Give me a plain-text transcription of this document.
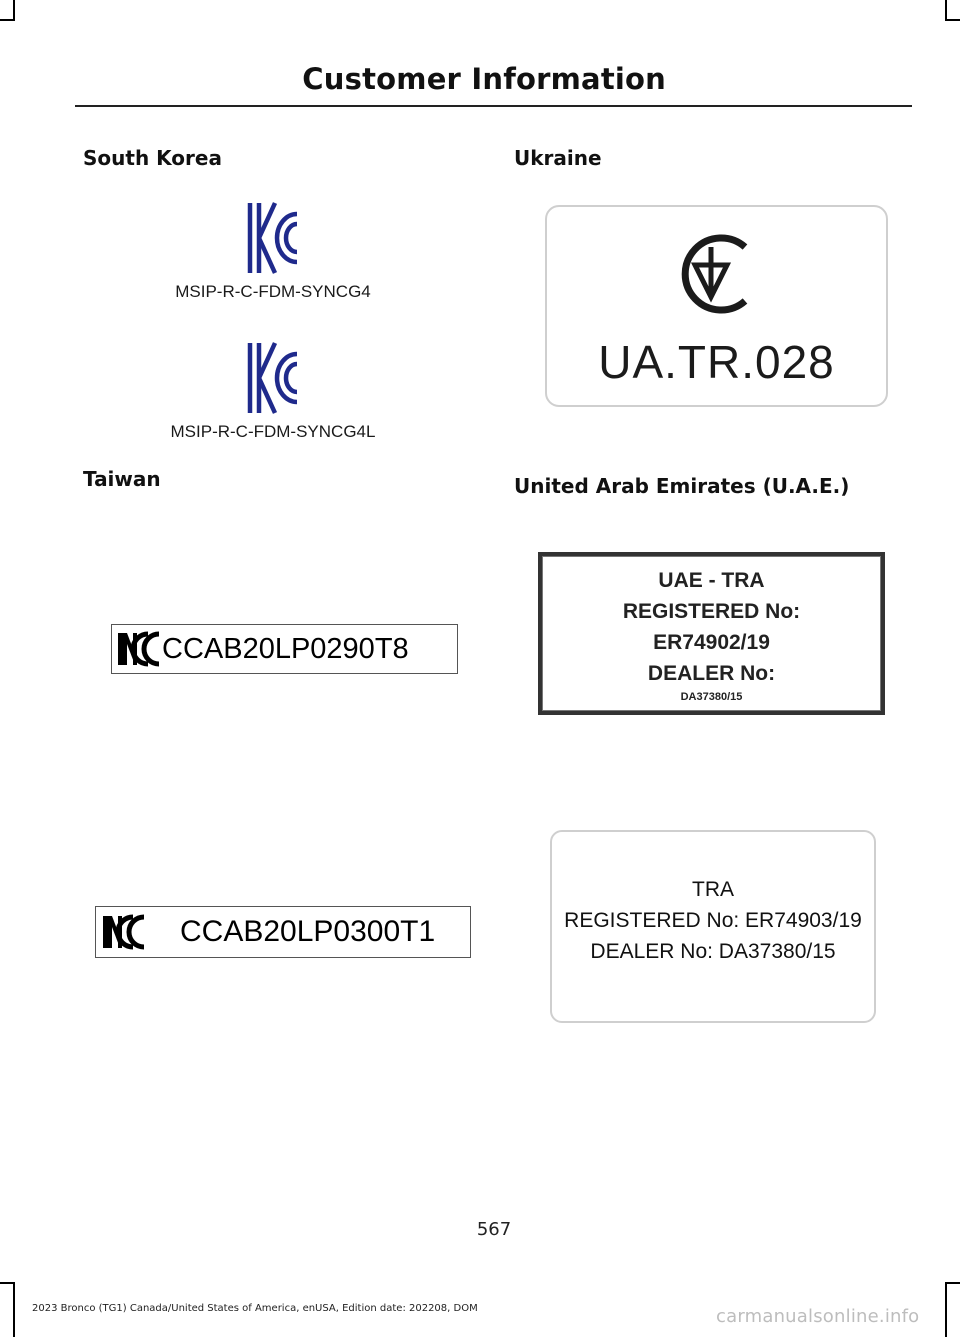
Customer Information
South Korea
MSIP-R-C-FDM-SYNCG4
MSIP-R-C-FDM-SYNCG4L
Taiwan
CCAB20LP0290T8
CCAB20LP0300T1
Ukraine
UA.TR.028
United Arab Emirates (U.A.E.)
UAE - TRA
REGISTERED No:
ER74902/19
DEALER No:
DA37380/15
TRA
REGISTERED No: ER74903/19
DEALER No: DA37380/15
567
2023 Bronco (TG1) Canada/United States of America, enUSA, Edition date: 202208, DOM	carmanualsonline.info
